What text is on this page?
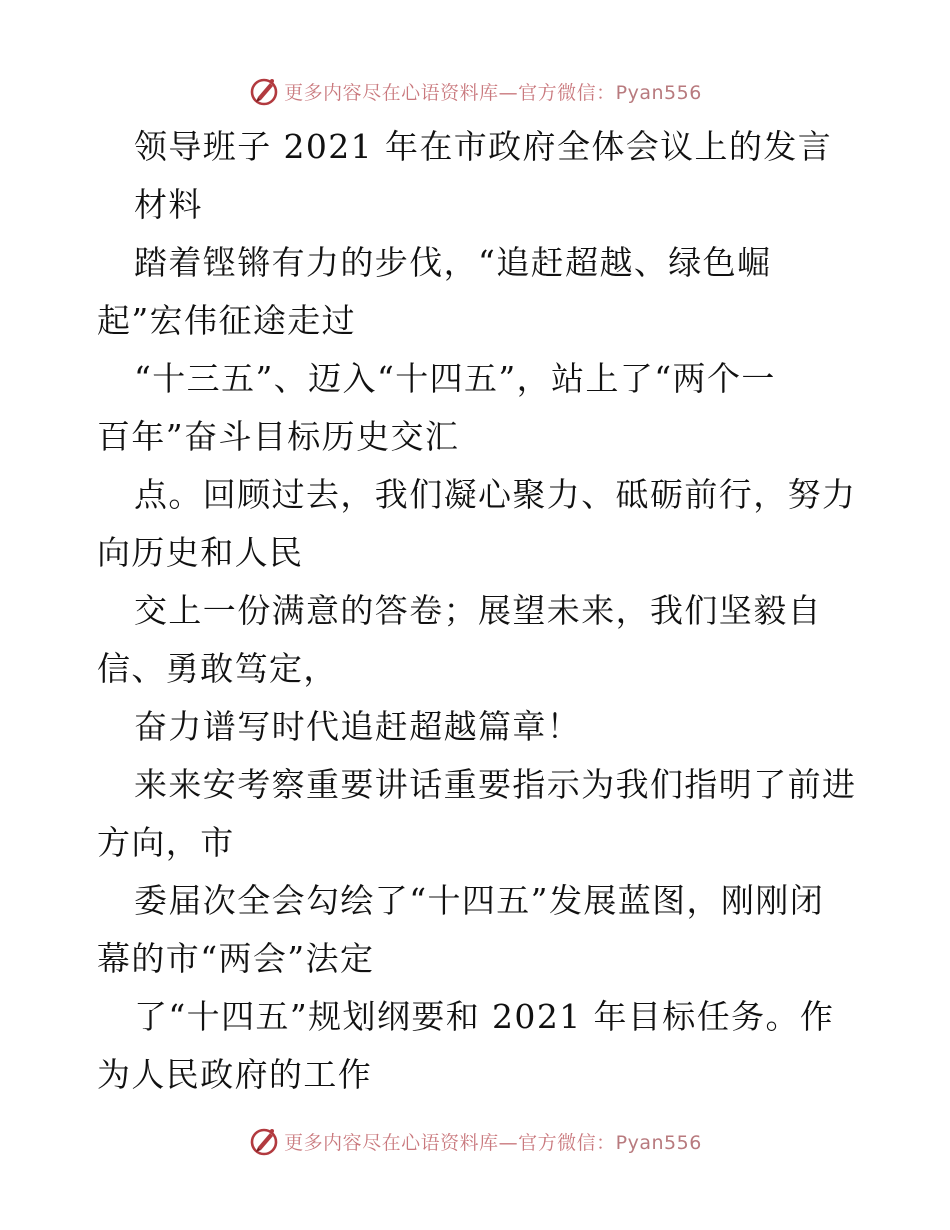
更多内容尽在心语资料库—官方微信：Pyan556
领导班子 2021 年在市政府全体会议上的发言
材料
踏着铿锵有力的步伐，“追赶超越、绿色崛
起”宏伟征途走过
“十三五”、迈入“十四五”，站上了“两个一
百年”奋斗目标历史交汇
点。回顾过去，我们凝心聚力、砥砺前行，努力
向历史和人民
交上一份满意的答卷；展望未来，我们坚毅自
信、勇敢笃定，
奋力谱写时代追赶超越篇章！
来来安考察重要讲话重要指示为我们指明了前进
方向，市
委届次全会勾绘了“十四五”发展蓝图，刚刚闭
幕的市“两会”法定
了“十四五”规划纲要和 2021 年目标任务。作
为人民政府的工作
更多内容尽在心语资料库—官方微信：Pyan556
